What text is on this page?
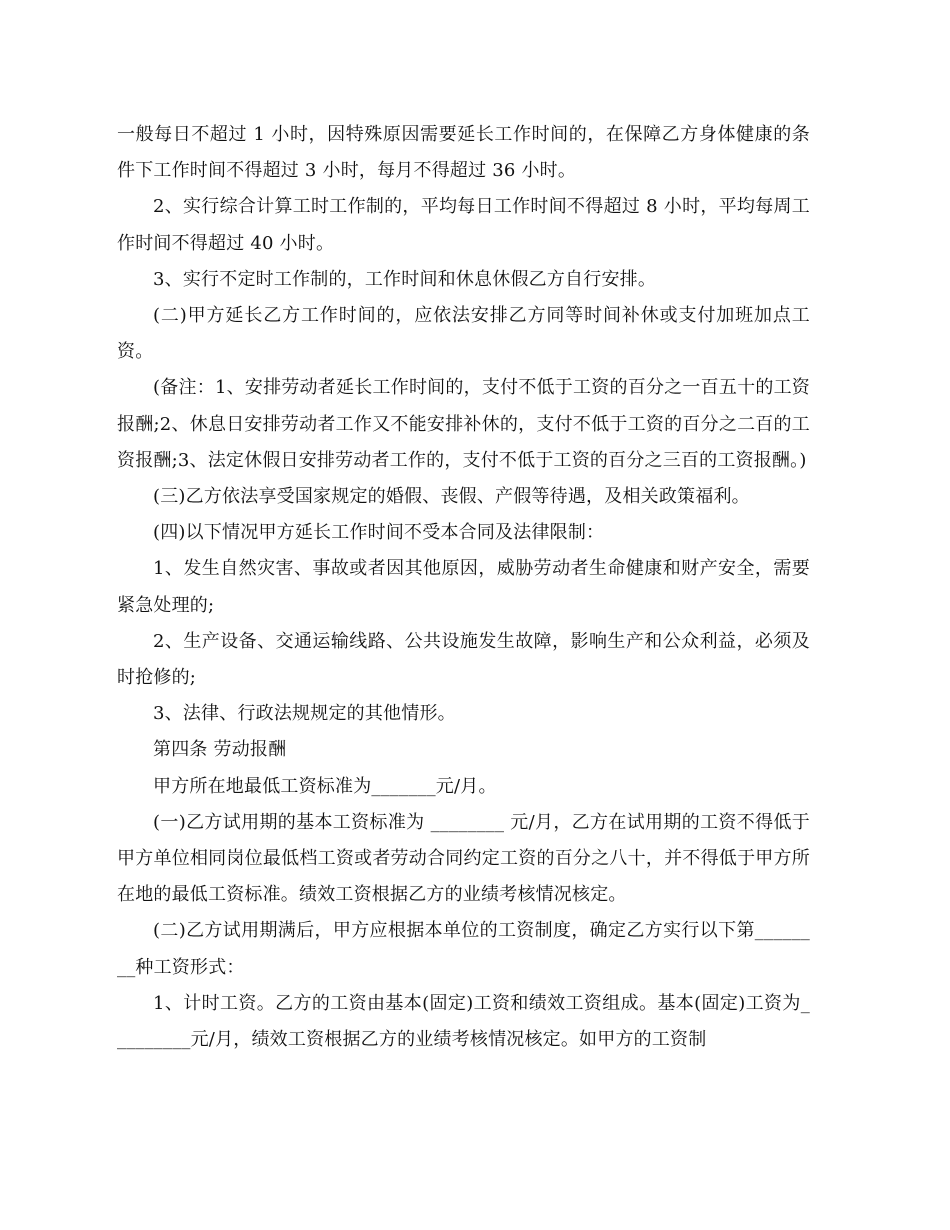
一般每日不超过 1 小时，因特殊原因需要延长工作时间的，在保障乙方身体健康的条件下工作时间不得超过 3 小时，每月不得超过 36 小时。

2、实行综合计算工时工作制的，平均每日工作时间不得超过 8 小时，平均每周工作时间不得超过 40 小时。

3、实行不定时工作制的，工作时间和休息休假乙方自行安排。

(二)甲方延长乙方工作时间的，应依法安排乙方同等时间补休或支付加班加点工资。

(备注：1、安排劳动者延长工作时间的，支付不低于工资的百分之一百五十的工资报酬;2、休息日安排劳动者工作又不能安排补休的，支付不低于工资的百分之二百的工资报酬;3、法定休假日安排劳动者工作的，支付不低于工资的百分之三百的工资报酬。)

(三)乙方依法享受国家规定的婚假、丧假、产假等待遇，及相关政策福利。

(四)以下情况甲方延长工作时间不受本合同及法律限制：

1、发生自然灾害、事故或者因其他原因，威胁劳动者生命健康和财产安全，需要紧急处理的;

2、生产设备、交通运输线路、公共设施发生故障，影响生产和公众利益，必须及时抢修的;

3、法律、行政法规规定的其他情形。

第四条 劳动报酬

甲方所在地最低工资标准为_______元/月。

(一)乙方试用期的基本工资标准为 ________ 元/月，乙方在试用期的工资不得低于甲方单位相同岗位最低档工资或者劳动合同约定工资的百分之八十，并不得低于甲方所在地的最低工资标准。绩效工资根据乙方的业绩考核情况核定。

(二)乙方试用期满后，甲方应根据本单位的工资制度，确定乙方实行以下第________种工资形式：

1、计时工资。乙方的工资由基本(固定)工资和绩效工资组成。基本(固定)工资为_________元/月，绩效工资根据乙方的业绩考核情况核定。如甲方的工资制
